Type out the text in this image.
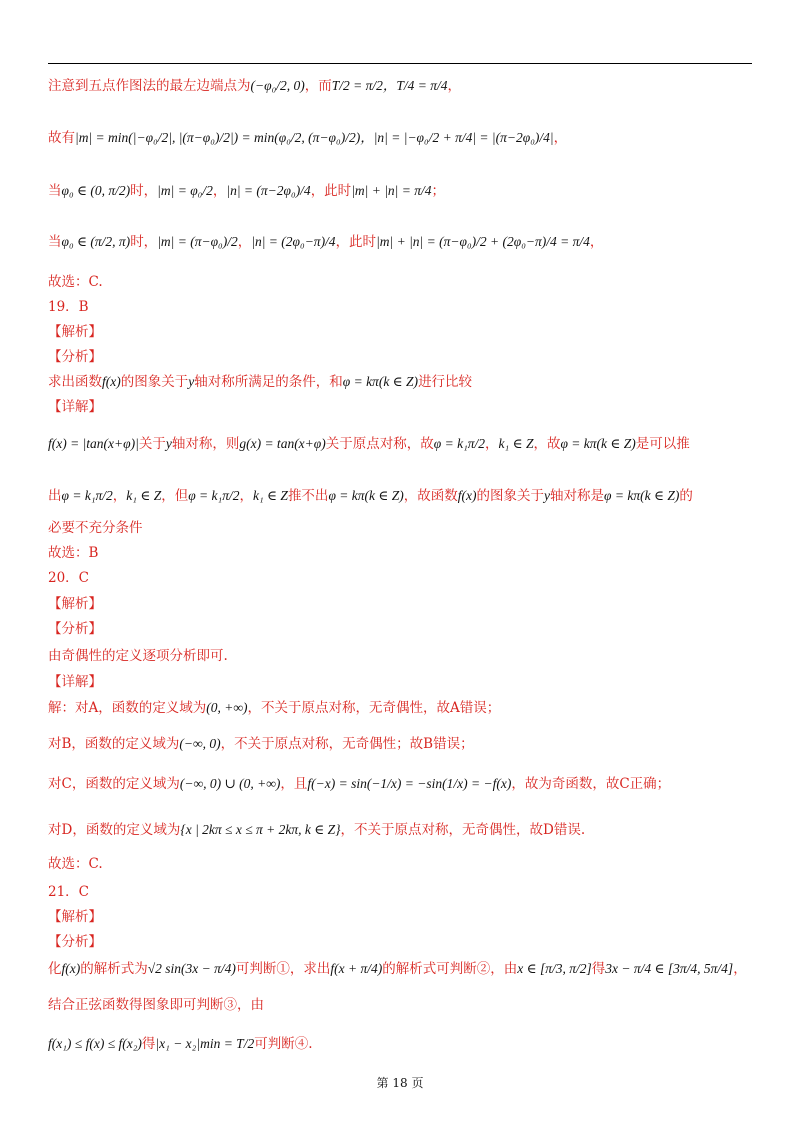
注意到五点作图法的最左边端点为(−φ₀/2, 0)，而T/2 = π/2，T/4 = π/4，
故有|m| = min(|−φ₀/2|, |(π−φ₀)/2|) = min(φ₀/2, (π−φ₀)/2)，|n| = |−φ₀/2 + π/4| = |(π−2φ₀)/4|，
当φ₀ ∈ (0, π/2)时，|m| = φ₀/2，|n| = (π−2φ₀)/4，此时|m| + |n| = π/4；
当φ₀ ∈ (π/2, π)时，|m| = (π−φ₀)/2，|n| = (2φ₀−π)/4，此时|m| + |n| = (π−φ₀)/2 + (2φ₀−π)/4 = π/4，
故选：C.
19．B
【解析】
【分析】
求出函数f(x)的图象关于y轴对称所满足的条件，和φ = kπ(k ∈ Z)进行比较
【详解】
f(x) = |tan(x+φ)|关于y轴对称，则g(x) = tan(x+φ)关于原点对称，故φ = k₁π/2，k₁ ∈ Z，故φ = kπ(k ∈ Z)是可以推
出φ = k₁π/2，k₁ ∈ Z，但φ = k₁π/2，k₁ ∈ Z推不出φ = kπ(k ∈ Z)，故函数f(x)的图象关于y轴对称是φ = kπ(k ∈ Z)的
必要不充分条件
故选：B
20．C
【解析】
【分析】
由奇偶性的定义逐项分析即可.
【详解】
解：对A，函数的定义域为(0, +∞)，不关于原点对称，无奇偶性，故A错误；
对B，函数的定义域为(−∞, 0)，不关于原点对称，无奇偶性；故B错误；
对C，函数的定义域为(−∞, 0) ∪ (0, +∞)，且f(−x) = sin(−1/x) = −sin(1/x) = −f(x)，故为奇函数，故C正确；
对D，函数的定义域为{x | 2kπ ≤ x ≤ π + 2kπ, k ∈ Z}，不关于原点对称，无奇偶性，故D错误.
故选：C.
21．C
【解析】
【分析】
化f(x)的解析式为√2 sin(3x − π/4)可判断①，求出f(x + π/4)的解析式可判断②，由x ∈ [π/3, π/2]得3x − π/4 ∈ [3π/4, 5π/4]，
结合正弦函数得图象即可判断③，由
f(x₁) ≤ f(x) ≤ f(x₂)得|x₁ − x₂|min = T/2可判断④.
第 18 页
